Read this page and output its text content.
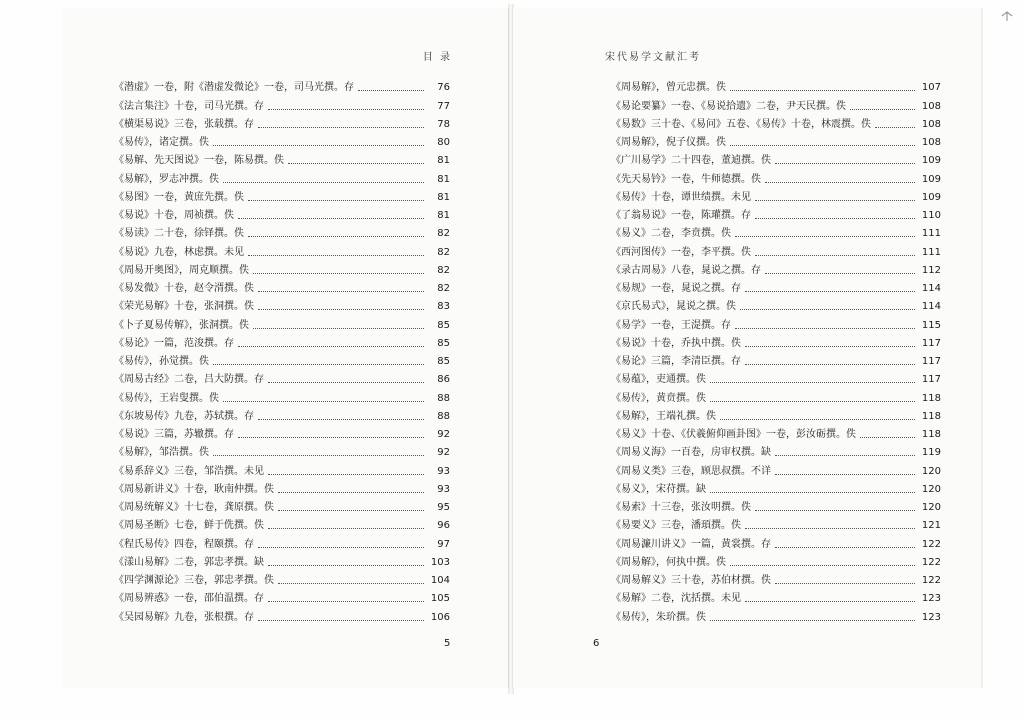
目 录
《潜虚》一卷，附《潜虚发微论》一卷，司马光撰。存	76
《法言集注》十卷，司马光撰。存	77
《横渠易说》三卷，张载撰。存	78
《易传》，诸定撰。佚	80
《易解、先天图说》一卷，陈易撰。佚	81
《易解》，罗志冲撰。佚	81
《易图》一卷，黄庶先撰。佚	81
《易说》十卷，周祯撰。佚	81
《易读》二十卷，徐铎撰。佚	82
《易说》九卷，林虑撰。未见	82
《周易开奥图》，周克顺撰。佚	82
《易发微》十卷，赵令湑撰。佚	82
《荣光易解》十卷，张洞撰。佚	83
《卜子夏易传解》，张洞撰。佚	85
《易论》一篇，范浚撰。存	85
《易传》，孙觉撰。佚	85
《周易古经》二卷，吕大防撰。存	86
《易传》，王岩叟撰。佚	88
《东坡易传》九卷，苏轼撰。存	88
《易说》三篇，苏辙撰。存	92
《易解》，邹浩撰。佚	92
《易系辞义》三卷，邹浩撰。未见	93
《周易新讲义》十卷，耿南仲撰。佚	93
《周易统解义》十七卷，龚原撰。佚	95
《周易圣断》七卷，鲜于侁撰。佚	96
《程氏易传》四卷，程颐撰。存	97
《漾山易解》二卷，郭忠孝撰。缺	103
《四学渊源论》三卷，郭忠孝撰。佚	104
《周易辨惑》一卷，邵伯温撰。存	105
《吴园易解》九卷，张根撰。存	106
5
宋代易学文献汇考
《周易解》，曾元忠撰。佚	107
《易论要纂》一卷、《易说拾遗》二卷，尹天民撰。佚	108
《易数》三十卷、《易问》五卷、《易传》十卷，林震撰。佚	108
《周易解》，倪子仪撰。佚	108
《广川易学》二十四卷，董逌撰。佚	109
《先天易钤》一卷，牛师德撰。佚	109
《易传》十卷，谭世绩撰。未见	109
《了翁易说》一卷，陈瓘撰。存	110
《易义》二卷，李贲撰。佚	111
《西河图传》一卷，李平撰。佚	111
《录古周易》八卷，晁说之撰。存	112
《易规》一卷，晁说之撰。存	114
《京氏易式》，晁说之撰。佚	114
《易学》一卷，王湜撰。存	115
《易说》十卷，乔执中撰。佚	117
《易论》三篇，李清臣撰。存	117
《易蕴》，吏通撰。佚	117
《易传》，黄贲撰。佚	118
《易解》，王端礼撰。佚	118
《易义》十卷、《伏羲俯仰画卦图》一卷，彭汝砺撰。佚	118
《周易义海》一百卷，房审权撰。缺	119
《周易义类》三卷，顾思叔撰。不详	120
《易义》，宋苻撰。缺	120
《易索》十三卷，张汝明撰。佚	120
《易要义》三卷，潘頊撰。佚	121
《周易濂川讲义》一篇，黄裳撰。存	122
《周易解》，何执中撰。佚	122
《周易解义》三十卷，苏伯材撰。佚	122
《易解》二卷，沈括撰。未见	123
《易传》，朱玠撰。佚	123
6
